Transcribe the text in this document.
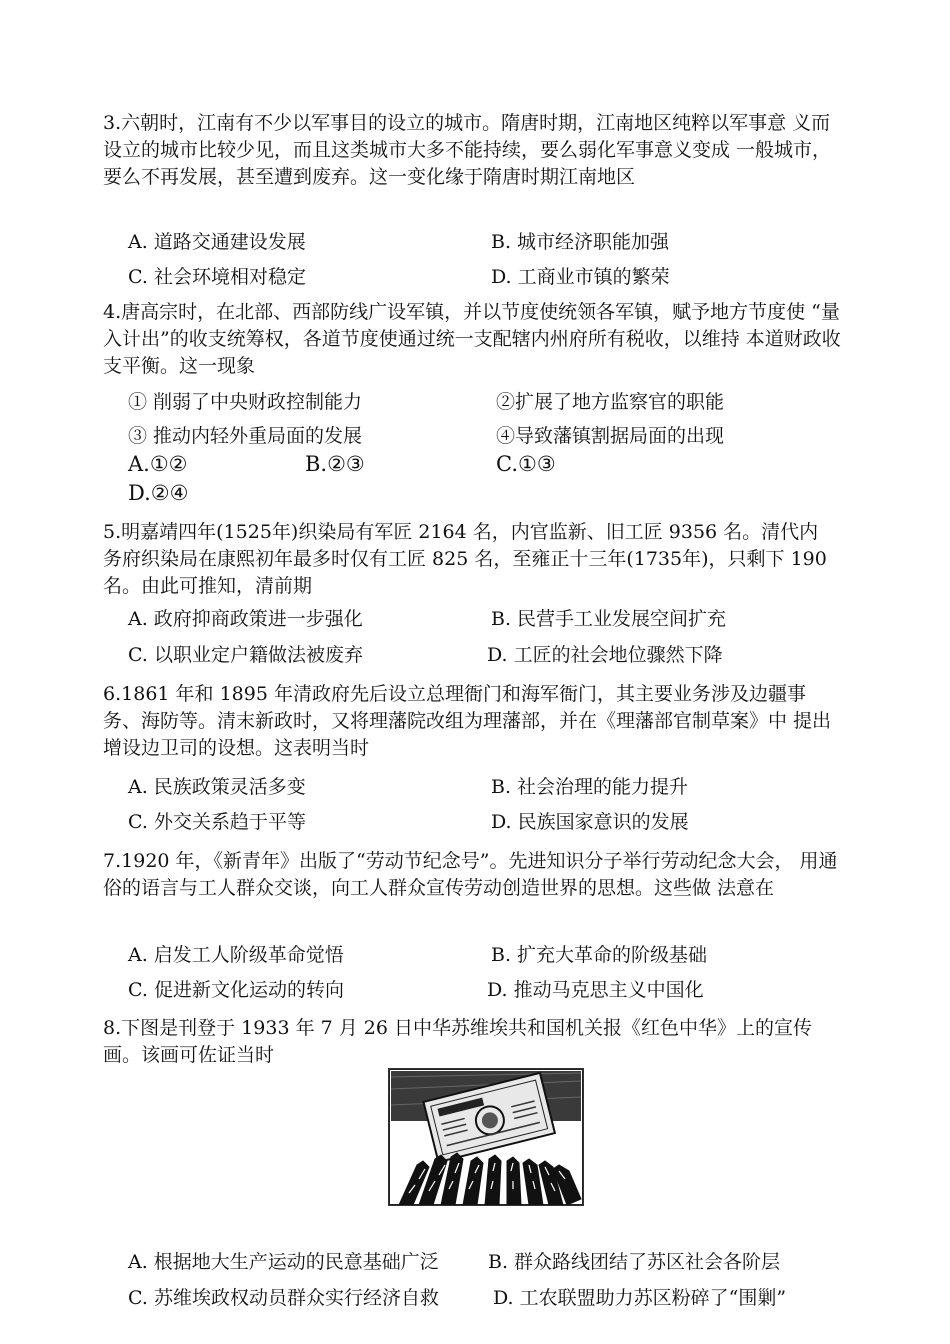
3.六朝时，江南有不少以军事目的设立的城市。隋唐时期，江南地区纯粹以军事意 义而设立的城市比较少见，而且这类城市大多不能持续，要么弱化军事意义变成 一般城市，要么不再发展，甚至遭到废弃。这一变化缘于隋唐时期江南地区
A. 道路交通建设发展	B. 城市经济职能加强
C. 社会环境相对稳定	D. 工商业市镇的繁荣
4.唐高宗时，在北部、西部防线广设军镇，并以节度使统领各军镇，赋予地方节度使 “量入计出”的收支统筹权，各道节度使通过统一支配辖内州府所有税收，以维持 本道财政收支平衡。这一现象
① 削弱了中央财政控制能力	②扩展了地方监察官的职能
③ 推动内轻外重局面的发展	④导致藩镇割据局面的出现
A.①②	B.②③	C.①③
D.②④
5.明嘉靖四年(1525年)织染局有军匠 2164 名，内官监新、旧工匠 9356 名。清代内 务府织染局在康熙初年最多时仅有工匠 825 名，至雍正十三年(1735年)，只剩下 190 名。由此可推知，清前期
A. 政府抑商政策进一步强化	B. 民营手工业发展空间扩充
C. 以职业定户籍做法被废弃	D. 工匠的社会地位骤然下降
6.1861 年和 1895 年清政府先后设立总理衙门和海军衙门，其主要业务涉及边疆事 务、海防等。清末新政时，又将理藩院改组为理藩部，并在《理藩部官制草案》中 提出增设边卫司的设想。这表明当时
A. 民族政策灵活多变	B. 社会治理的能力提升
C. 外交关系趋于平等	D. 民族国家意识的发展
7.1920 年，《新青年》出版了“劳动节纪念号”。先进知识分子举行劳动纪念大会， 用通俗的语言与工人群众交谈，向工人群众宣传劳动创造世界的思想。这些做 法意在
A. 启发工人阶级革命觉悟	B. 扩充大革命的阶级基础
C. 促进新文化运动的转向	D. 推动马克思主义中国化
8.下图是刊登于 1933 年 7 月 26 日中华苏维埃共和国机关报《红色中华》上的宣传 画。该画可佐证当时
A. 根据地大生产运动的民意基础广泛	B. 群众路线团结了苏区社会各阶层
C. 苏维埃政权动员群众实行经济自救	D. 工农联盟助力苏区粉碎了“围剿”
